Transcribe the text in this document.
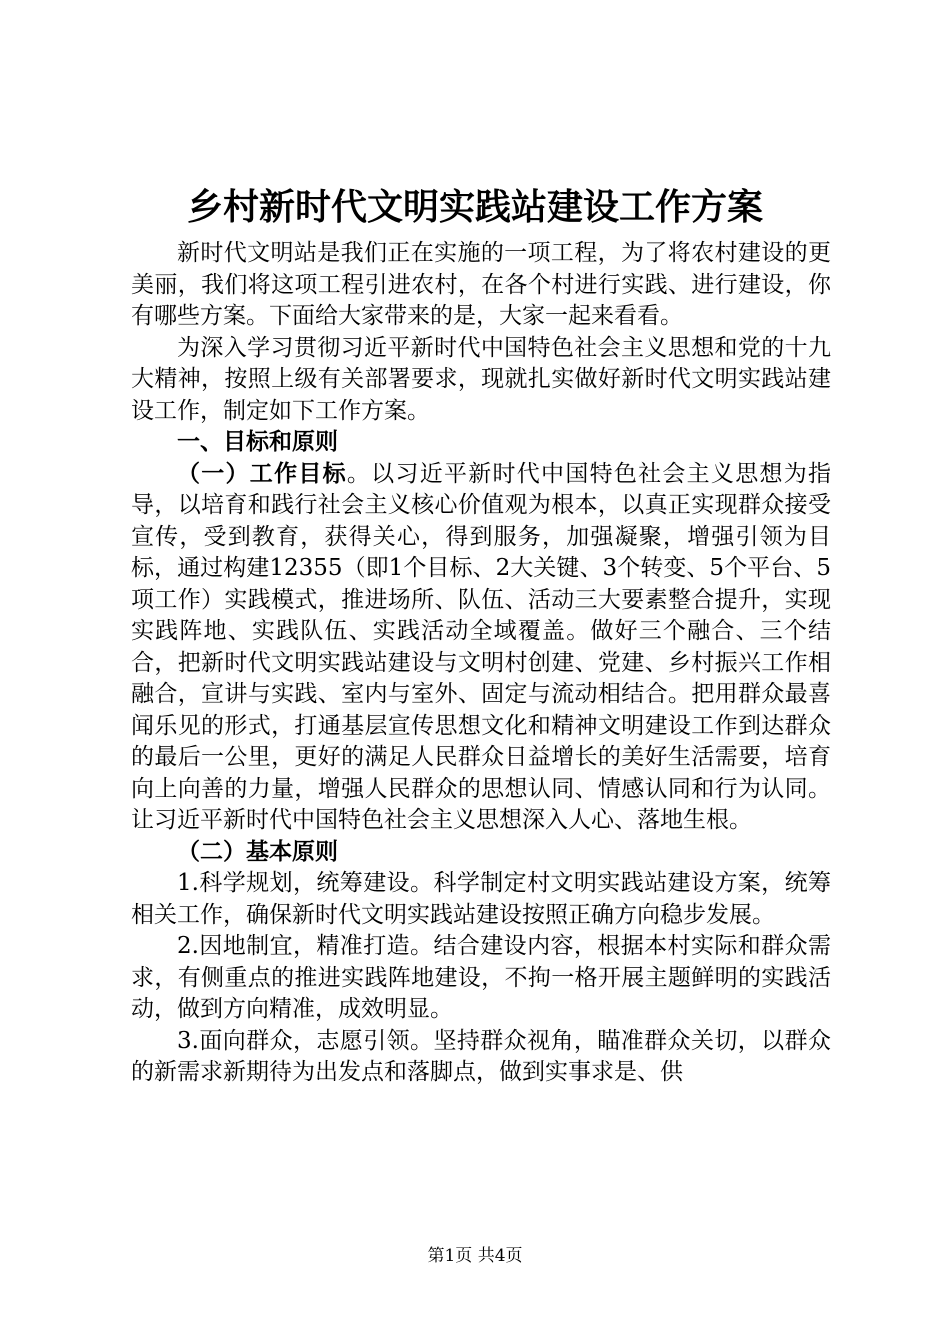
乡村新时代文明实践站建设工作方案

新时代文明站是我们正在实施的一项工程，为了将农村建设的更美丽，我们将这项工程引进农村，在各个村进行实践、进行建设，你有哪些方案。下面给大家带来的是，大家一起来看看。

为深入学习贯彻习近平新时代中国特色社会主义思想和党的十九大精神，按照上级有关部署要求，现就扎实做好新时代文明实践站建设工作，制定如下工作方案。

一、目标和原则

（一）工作目标。以习近平新时代中国特色社会主义思想为指导，以培育和践行社会主义核心价值观为根本，以真正实现群众接受宣传，受到教育，获得关心，得到服务，加强凝聚，增强引领为目标，通过构建12355（即1个目标、2大关键、3个转变、5个平台、5项工作）实践模式，推进场所、队伍、活动三大要素整合提升，实现实践阵地、实践队伍、实践活动全域覆盖。做好三个融合、三个结合，把新时代文明实践站建设与文明村创建、党建、乡村振兴工作相融合，宣讲与实践、室内与室外、固定与流动相结合。把用群众最喜闻乐见的形式，打通基层宣传思想文化和精神文明建设工作到达群众的最后一公里，更好的满足人民群众日益增长的美好生活需要，培育向上向善的力量，增强人民群众的思想认同、情感认同和行为认同。让习近平新时代中国特色社会主义思想深入人心、落地生根。

（二）基本原则

1.科学规划，统筹建设。科学制定村文明实践站建设方案，统筹相关工作，确保新时代文明实践站建设按照正确方向稳步发展。

2.因地制宜，精准打造。结合建设内容，根据本村实际和群众需求，有侧重点的推进实践阵地建设，不拘一格开展主题鲜明的实践活动，做到方向精准，成效明显。

3.面向群众，志愿引领。坚持群众视角，瞄准群众关切，以群众的新需求新期待为出发点和落脚点，做到实事求是、供

第1页 共4页
